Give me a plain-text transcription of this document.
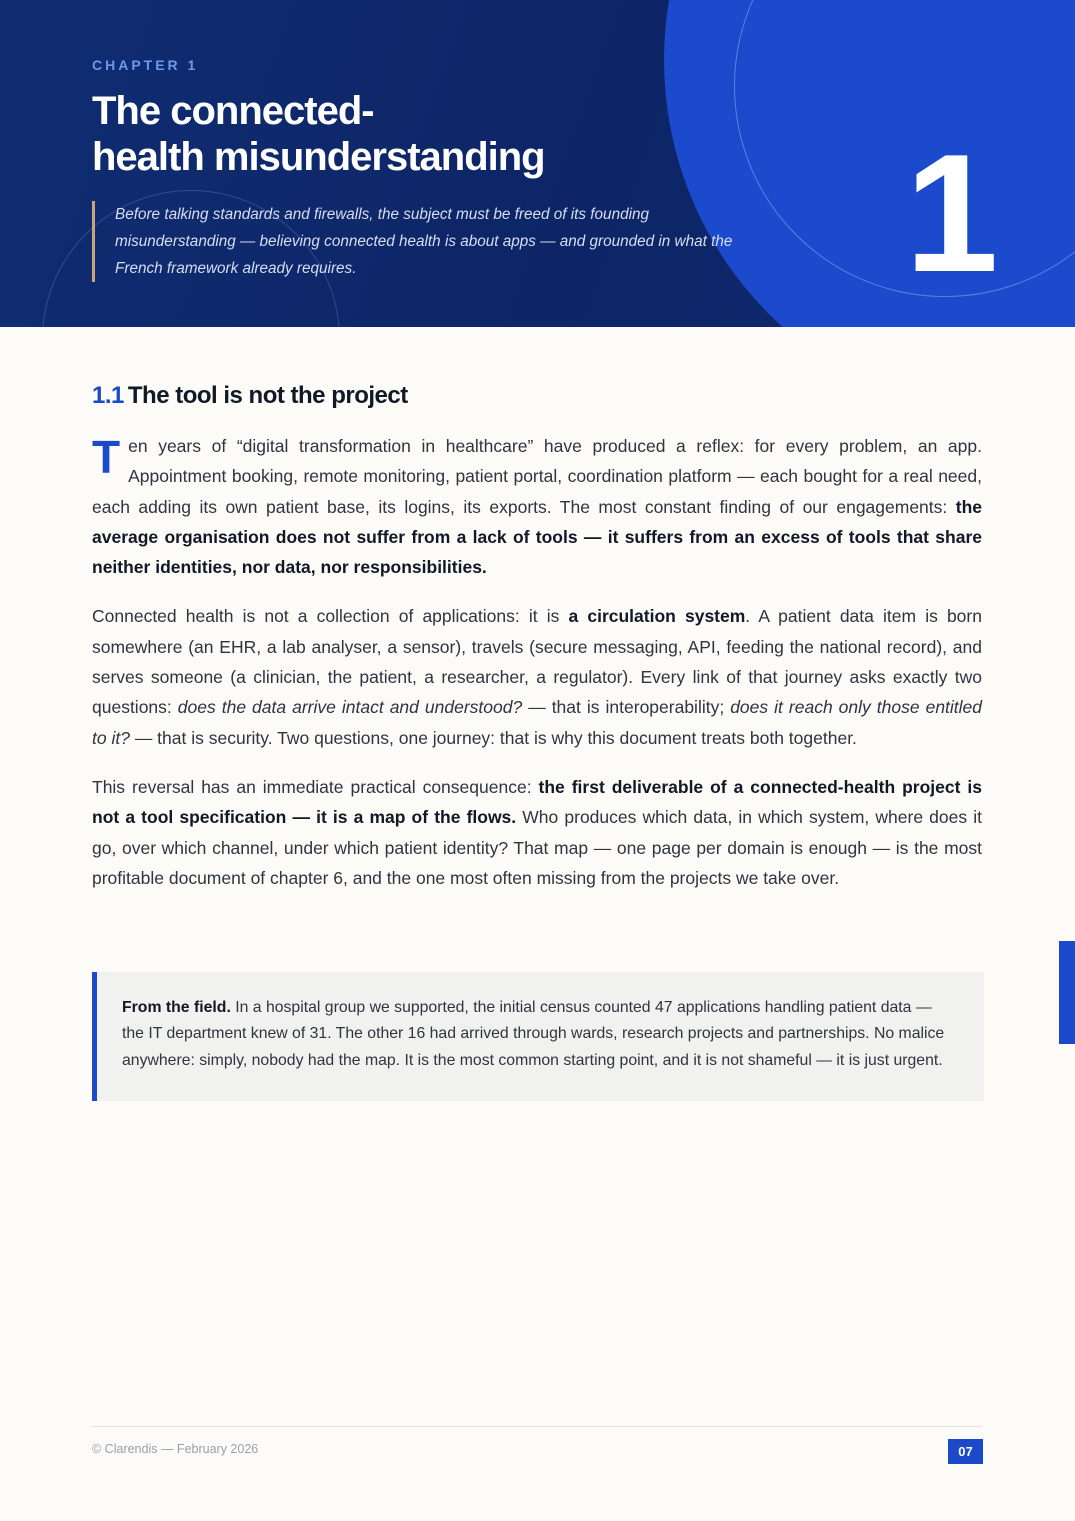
CHAPTER 1

The connected-
health misunderstanding

Before talking standards and firewalls, the subject must be freed of its founding misunderstanding — believing connected health is about apps — and grounded in what the French framework already requires.	1
1.1 The tool is not the project

Ten years of “digital transformation in healthcare” have produced a reflex: for every problem, an app. Appointment booking, remote monitoring, patient portal, coordination platform — each bought for a real need, each adding its own patient base, its logins, its exports. The most constant finding of our engagements: the average organisation does not suffer from a lack of tools — it suffers from an excess of tools that share neither identities, nor data, nor responsibilities.

Connected health is not a collection of applications: it is a circulation system. A patient data item is born somewhere (an EHR, a lab analyser, a sensor), travels (secure messaging, API, feeding the national record), and serves someone (a clinician, the patient, a researcher, a regulator). Every link of that journey asks exactly two questions: does the data arrive intact and understood? — that is interoperability; does it reach only those entitled to it? — that is security. Two questions, one journey: that is why this document treats both together.

This reversal has an immediate practical consequence: the first deliverable of a connected-health project is not a tool specification — it is a map of the flows. Who produces which data, in which system, where does it go, over which channel, under which patient identity? That map — one page per domain is enough — is the most profitable document of chapter 6, and the one most often missing from the projects we take over.

From the field. In a hospital group we supported, the initial census counted 47 applications handling patient data — the IT department knew of 31. The other 16 had arrived through wards, research projects and partnerships. No malice anywhere: simply, nobody had the map. It is the most common starting point, and it is not shameful — it is just urgent.

© Clarendis — February 2026	07
